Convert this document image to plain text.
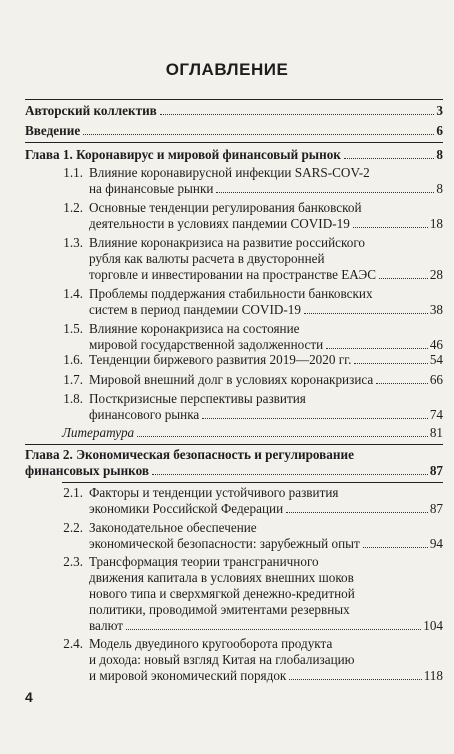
ОГЛАВЛЕНИЕ
Авторский коллектив	3
Введение	6
Глава 1. Коронавирус и мировой финансовый рынок	8
1.1. Влияние коронавирусной инфекции SARS-COV-2
на финансовые рынки	8
1.2. Основные тенденции регулирования банковской
деятельности в условиях пандемии COVID-19	18
1.3. Влияние коронакризиса на развитие российского
рубля как валюты расчета в двусторонней
торговле и инвестировании на пространстве ЕАЭС	28
1.4. Проблемы поддержания стабильности банковских
систем в период пандемии COVID-19	38
1.5. Влияние коронакризиса на состояние
мировой государственной задолженности	46
1.6. Тенденции биржевого развития 2019—2020 гг.	54
1.7. Мировой внешний долг в условиях коронакризиса	66
1.8. Посткризисные перспективы развития
финансового рынка	74
Литература	81
Глава 2. Экономическая безопасность и регулирование
финансовых рынков	87
2.1. Факторы и тенденции устойчивого развития
экономики Российской Федерации	87
2.2. Законодательное обеспечение
экономической безопасности: зарубежный опыт	94
2.3. Трансформация теории трансграничного
движения капитала в условиях внешних шоков
нового типа и сверхмягкой денежно-кредитной
политики, проводимой эмитентами резервных
валют	104
2.4. Модель двуединого кругооборота продукта
и дохода: новый взгляд Китая на глобализацию
и мировой экономический порядок	118
4
